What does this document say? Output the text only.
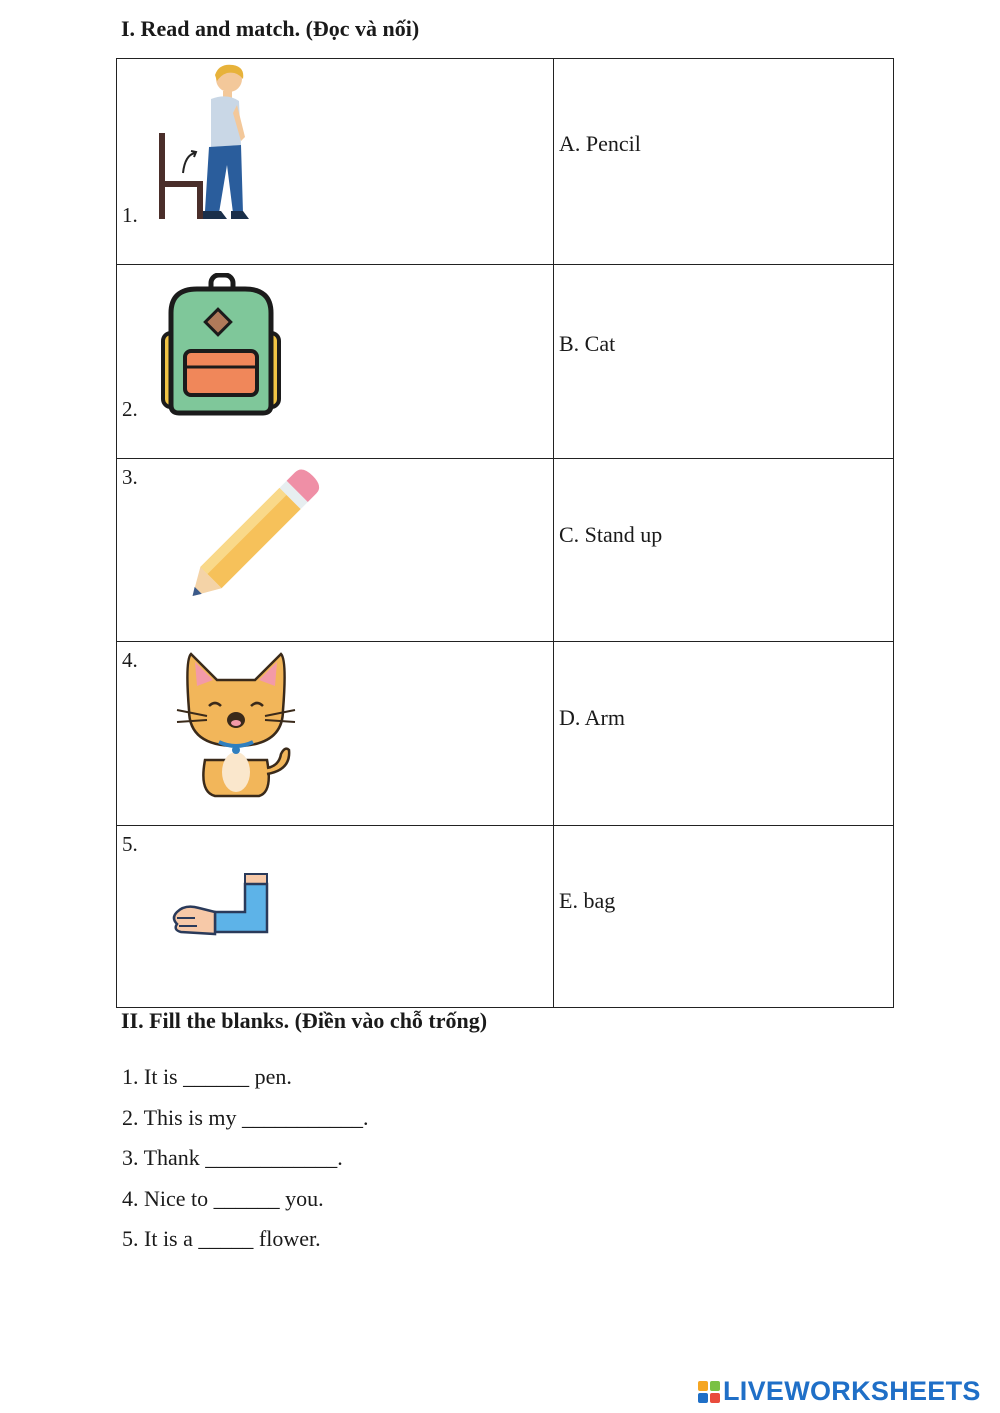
I. Read and match. (Đọc và nối)
1.	A. Pencil

2.	B. Cat

3.	C. Stand up

4.	D. Arm

5.	E. bag
II. Fill the blanks. (Điền vào chỗ trống)
1. It is ______ pen.
2. This is my ___________.
3. Thank ____________.
4. Nice to ______ you.
5. It is a _____ flower.
LIVEWORKSHEETS
